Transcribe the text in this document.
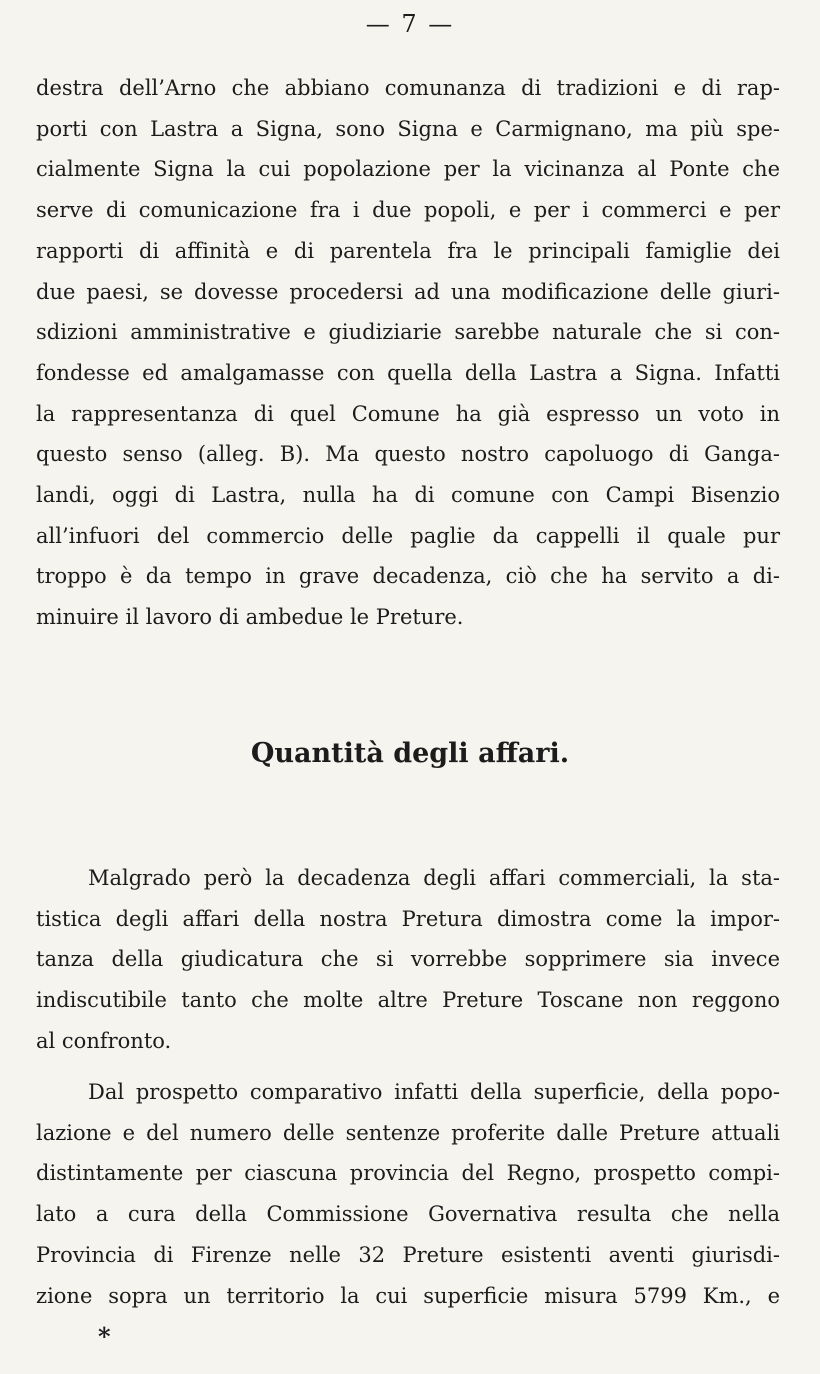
— 7 —
destra dell’Arno che abbiano comunanza di tradizioni e di rap-
porti con Lastra a Signa, sono Signa e Carmignano, ma più spe-
cialmente Signa la cui popolazione per la vicinanza al Ponte che
serve di comunicazione fra i due popoli, e per i commerci e per
rapporti di affinità e di parentela fra le principali famiglie dei
due paesi, se dovesse procedersi ad una modificazione delle giuri-
sdizioni amministrative e giudiziarie sarebbe naturale che si con-
fondesse ed amalgamasse con quella della Lastra a Signa. Infatti
la rappresentanza di quel Comune ha già espresso un voto in
questo senso (alleg. B). Ma questo nostro capoluogo di Ganga-
landi, oggi di Lastra, nulla ha di comune con Campi Bisenzio
all’infuori del commercio delle paglie da cappelli il quale pur
troppo è da tempo in grave decadenza, ciò che ha servito a di-
minuire il lavoro di ambedue le Preture.
Quantità degli affari.
Malgrado però la decadenza degli affari commerciali, la sta-
tistica degli affari della nostra Pretura dimostra come la impor-
tanza della giudicatura che si vorrebbe sopprimere sia invece
indiscutibile tanto che molte altre Preture Toscane non reggono
al confronto.
Dal prospetto comparativo infatti della superficie, della popo-
lazione e del numero delle sentenze proferite dalle Preture attuali
distintamente per ciascuna provincia del Regno, prospetto compi-
lato a cura della Commissione Governativa resulta che nella
Provincia di Firenze nelle 32 Preture esistenti aventi giurisdi-
zione sopra un territorio la cui superficie misura 5799 Km., e
*
